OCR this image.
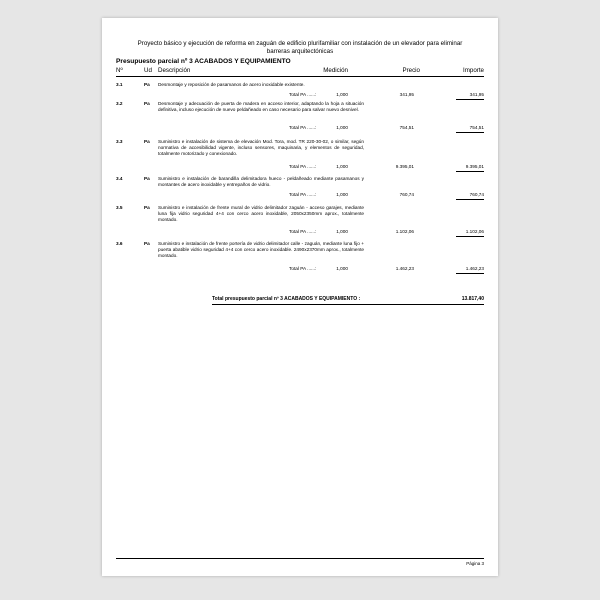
Proyecto básico y ejecución de reforma en zaguán de edificio plurifamiliar con instalación de un elevador para eliminar barreras arquitectónicas
Presupuesto parcial nº 3 ACABADOS Y EQUIPAMIENTO
Nº	Ud Descripción	Medición	Precio	Importe
3.1	Pa Desmontaje y reposición de pasamanos de acero inoxidable existente.
Total PA ......:	1,000	341,95	341,95
3.2	Pa Desmontaje y adecuación de puerta de madera en acceso interior, adaptando la hoja a situación definitiva, incluso ejecución de nuevo peldañeado en caso necesario para salvar nuevo desnivel.
Total PA ......:	1,000	754,51	754,51
3.3	Pa Suministro e instalación de sistema de elevación Mod. Tora, mod. TR 220-30-02, o similar, según normativa de accesibilidad vigente, incluso sensores, maquinaria, y elementos de seguridad, totalmente motorizado y conexionado.
Total PA ......:	1,000	9.395,01	9.395,01
3.4	Pa Suministro e instalación de barandilla delimitadora hueco - peldañeado mediante pasamanos y montantes de acero inoxidable y entrepaños de vidrio.
Total PA ......:	1,000	760,74	760,74
3.5	Pa Suministro e instalación de frente mural de vidrio delimitador zaguán - acceso garajes, mediante luna fija vidrio seguridad 4+4 con cerco acero inoxidable, 2050x2350mm aprox., totalmente montado.
Total PA ......:	1,000	1.102,06	1.102,06
3.6	Pa Suministro e instalación de frente portería de vidrio delimitador calle - zaguán, mediante luna fijo + puerta abatible vidrio seguridad 4+4 con cerco acero inoxidable. 2490x2370mm aprox., totalmente montado.
Total PA ......:	1,000	1.462,23	1.462,23
Total presupuesto parcial nº 3 ACABADOS Y EQUIPAMIENTO :	13.817,40
Página 3
